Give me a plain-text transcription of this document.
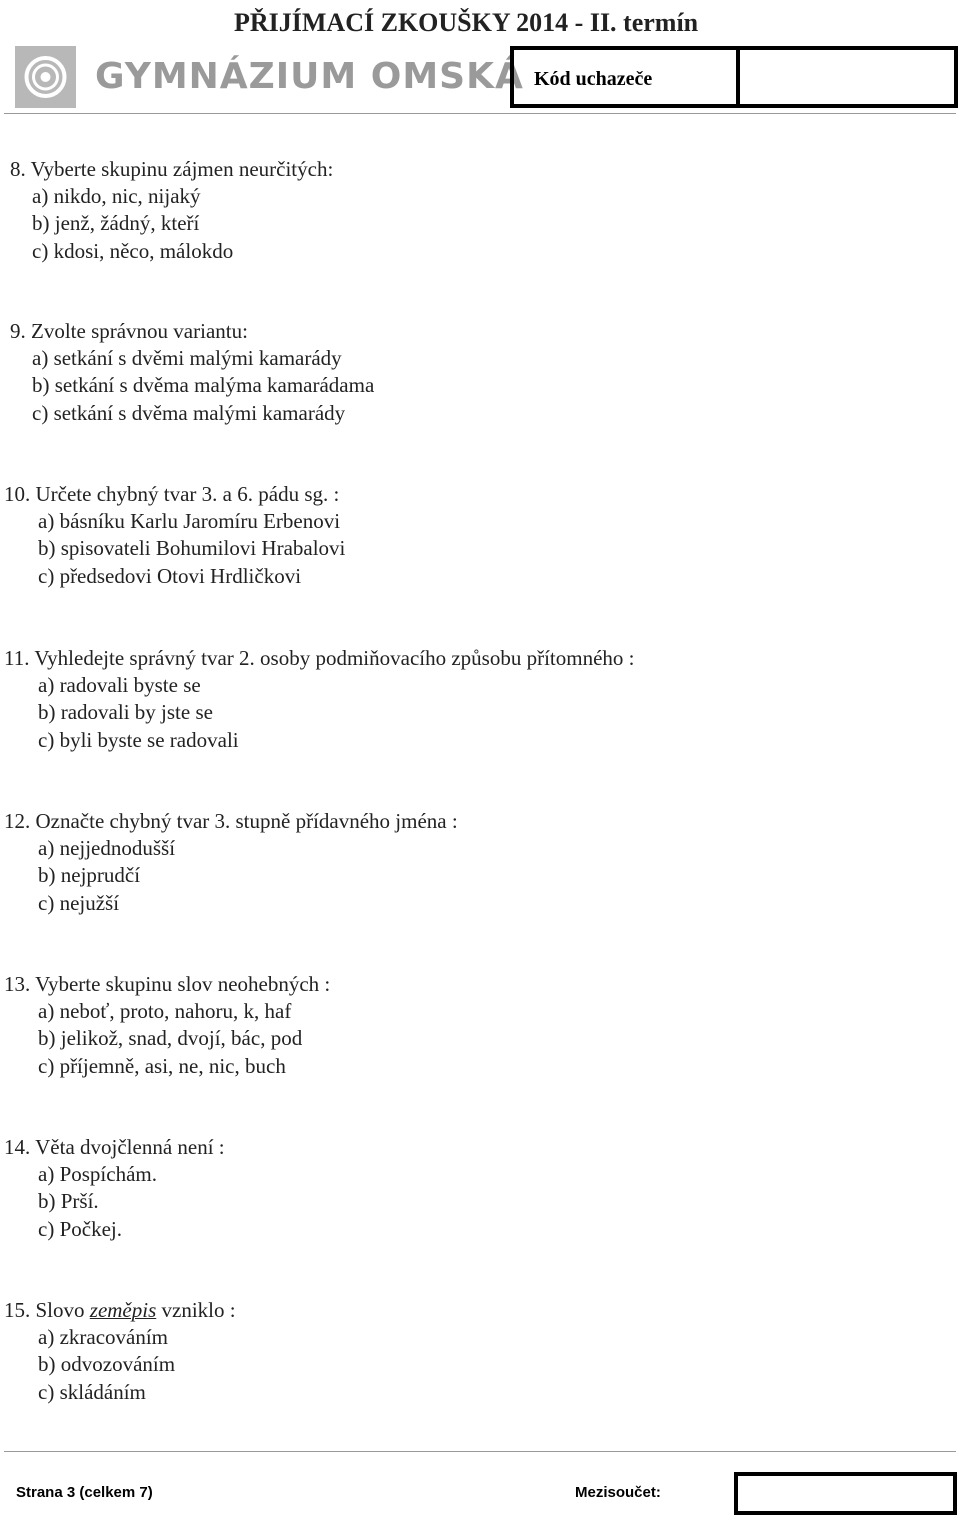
PŘIJÍMACÍ ZKOUŠKY 2014 - II. termín
GYMNÁZIUM OMSKÁ Kód uchazeče
8. Vyberte skupinu zájmen neurčitých:
a) nikdo, nic, nijaký
b) jenž, žádný, kteří
c) kdosi, něco, málokdo
9. Zvolte správnou variantu:
a) setkání s dvěmi malými kamarády
b) setkání s dvěma malýma kamarádama
c) setkání s dvěma malými kamarády
10. Určete chybný tvar 3. a 6. pádu sg. :
a) básníku Karlu Jaromíru Erbenovi
b) spisovateli Bohumilovi Hrabalovi
c) předsedovi Otovi Hrdličkovi
11. Vyhledejte správný tvar 2. osoby podmiňovacího způsobu přítomného :
a) radovali byste se
b) radovali by jste se
c) byli byste se radovali
12. Označte chybný tvar 3. stupně přídavného jména :
a) nejjednodušší
b) nejprudčí
c) nejužší
13. Vyberte skupinu slov neohebných :
a) neboť, proto, nahoru, k, haf
b) jelikož, snad, dvojí, bác, pod
c) příjemně, asi, ne, nic, buch
14. Věta dvojčlenná není :
a) Pospíchám.
b) Prší.
c) Počkej.
15. Slovo zeměpis vzniklo :
a) zkracováním
b) odvozováním
c) skládáním
Strana 3 (celkem 7)	Mezisoučet:
